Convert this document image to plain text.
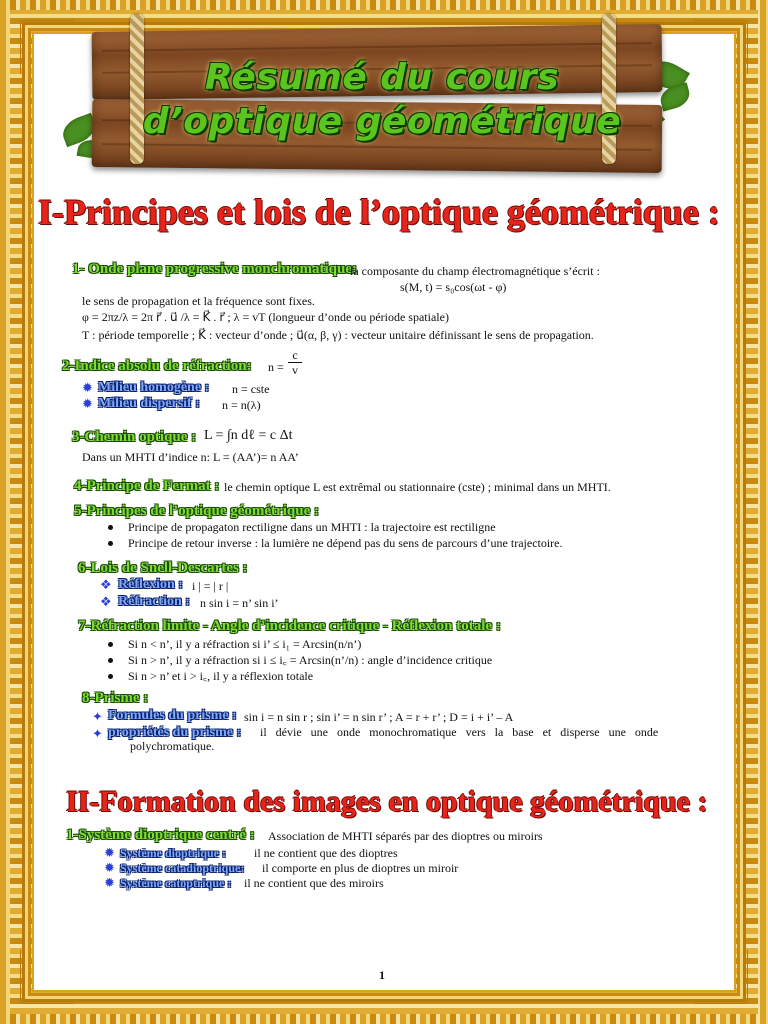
Résumé du cours
d’optique géométrique
I-Principes et lois de l’optique géométrique :
1- Onde plane progressive monchromatique:
la composante du champ électromagnétique s’écrit :
s(M, t) = s₀cos(ωt - φ)
le sens de propagation et la fréquence sont fixes.
φ = 2πz/λ = 2π r⃗ . u⃗ /λ = K⃗ . r⃗ ; λ = vT (longueur d’onde ou période spatiale)
T : période temporelle ; K⃗ : vecteur d’onde ; u⃗(α, β, γ) : vecteur unitaire définissant le sens de propagation.
2-Indice absolu de réfraction: n =
c
v
✹ Milieu homogène : n = cste
✹ Milieu dispersif : n = n(λ)
3-Chemin optique : L = ∫n dℓ = c Δt
Dans un MHTI d’indice n: L = (AA’)= n AA’
4-Principe de Fermat : le chemin optique L est extrêmal ou stationnaire (cste) ; minimal dans un MHTI.
5-Principes de l’optique géométrique :
Principe de propagaton rectiligne dans un MHTI : la trajectoire est rectiligne
Principe de retour inverse : la lumière ne dépend pas du sens de parcours d’une trajectoire.
6-Lois de Snell-Descartes :
❖ Réflexion : i | = | r |
❖ Réfraction : n sin i = n’ sin i’
7-Réfraction limite - Angle d’incidence critique - Réflexion totale :
Si n < n’, il y a réfraction si i’ ≤ i₁ = Arcsin(n/n’)
Si n > n’, il y a réfraction si i ≤ i꜀ = Arcsin(n’/n) : angle d’incidence critique
Si n > n’ et i > i꜀, il y a réflexion totale
8-Prisme :
✦ Formules du prisme : sin i = n sin r ; sin i’ = n sin r’ ; A = r + r’ ; D = i + i’ – A
✦ propriétés du prisme : il dévie une onde monochromatique vers la base et disperse une onde
polychromatique.
II-Formation des images en optique géométrique :
1-Système dioptrique centré : Association de MHTI séparés par des dioptres ou miroirs
✹ Système dioptrique : il ne contient que des dioptres
✹ Système catadioptrique: il comporte en plus de dioptres un miroir
✹ Système catoptrique : il ne contient que des miroirs
1
